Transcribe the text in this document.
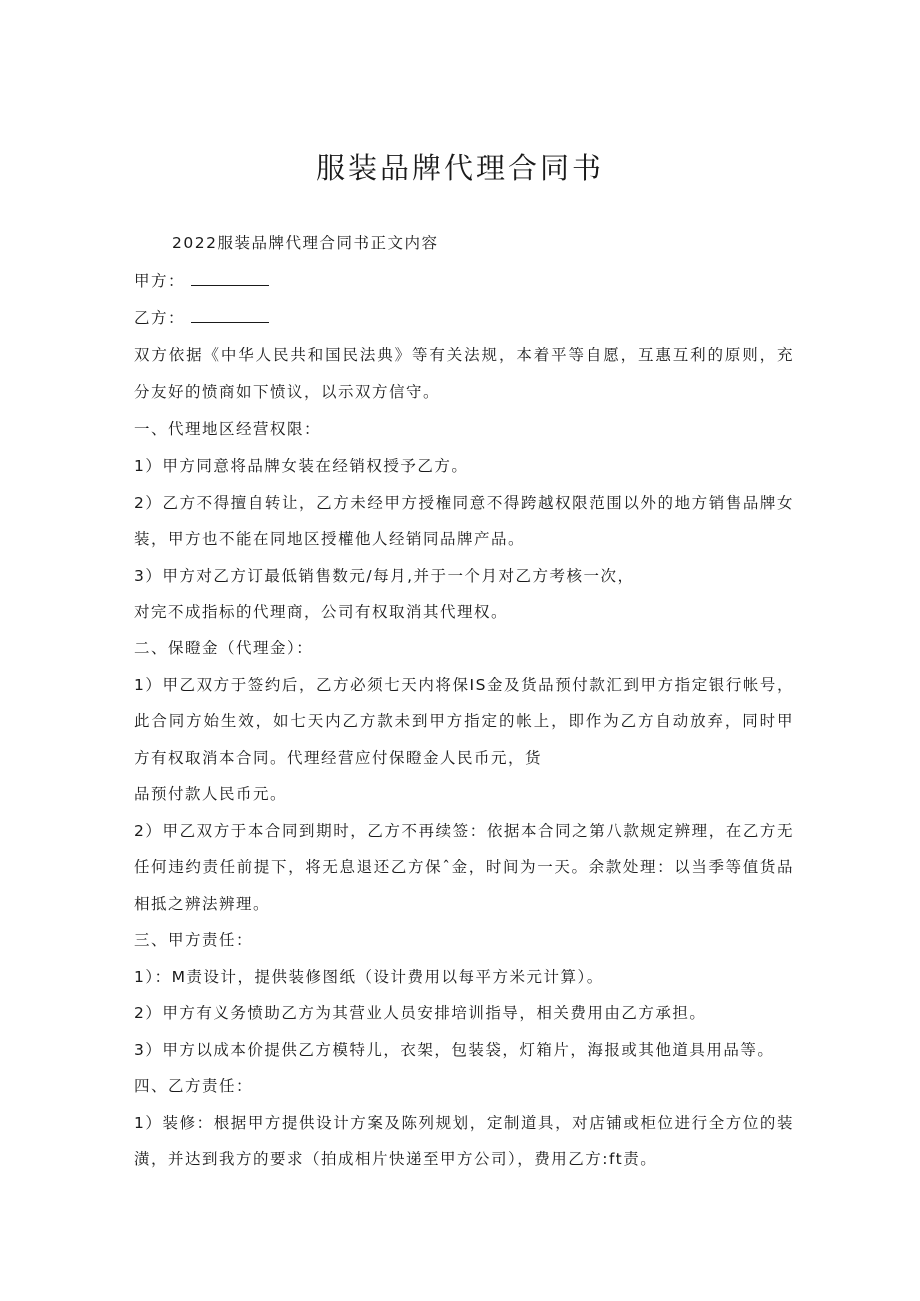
服装品牌代理合同书

2022服装品牌代理合同书正文内容

甲方：

乙方：

双方依据《中华人民共和国民法典》等有关法规，本着平等自愿，互惠互利的原则，充

分友好的愤商如下愤议，以示双方信守。

一、代理地区经营权限：

1）甲方同意将品牌女装在经销权授予乙方。

2）乙方不得擅自转让，乙方未经甲方授権同意不得跨越权限范围以外的地方销售品牌女

装，甲方也不能在同地区授權他人经销同品牌产品。

3）甲方对乙方订最低销售数元/每月,并于一个月对乙方考核一次，

对完不成指标的代理商，公司有权取消其代理权。

二、保瞪金（代理金）：

1）甲乙双方于签约后，乙方必须七天内将保IS金及货品预付款汇到甲方指定银行帐号，

此合同方始生效，如七天内乙方款未到甲方指定的帐上，即作为乙方自动放弃，同时甲

方有权取消本合同。代理经营应付保瞪金人民币元，货

品预付款人民币元。

2）甲乙双方于本合同到期时，乙方不再续签：依据本合同之第八款规定辨理，在乙方无

任何违约责任前提下，将无息退还乙方保ˆ金，时间为一天。余款处理：以当季等值货品

相抵之辨法辨理。

三、甲方责任：

1）：M责设计，提供装修图纸（设计费用以每平方米元计算）。

2）甲方有义务愤助乙方为其营业人员安排培训指导，相关费用由乙方承担。

3）甲方以成本价提供乙方模特儿，衣架，包装袋，灯箱片，海报或其他道具用品等。

四、乙方责任：

1）装修：根据甲方提供设计方案及陈列规划，定制道具，对店铺或柜位进行全方位的装

潢，并达到我方的要求（拍成相片快递至甲方公司），费用乙方:ft责。
